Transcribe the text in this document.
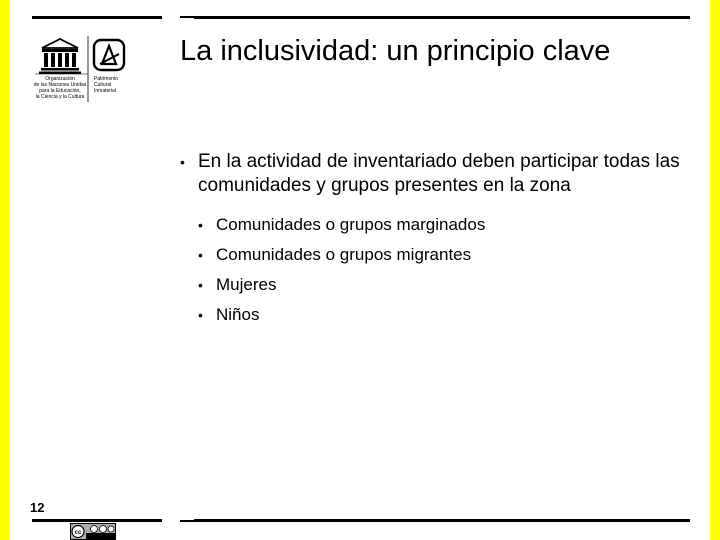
Organización
de las Naciones Unidas
para la Educación,
la Ciencia y la Cultura
Patrimonio
Cultural
Inmaterial
La inclusividad: un principio clave
• En la actividad de inventariado deben participar todas las comunidades y grupos presentes en la zona
• Comunidades o grupos marginados
• Comunidades o grupos migrantes
• Mujeres
• Niños
12
cc
